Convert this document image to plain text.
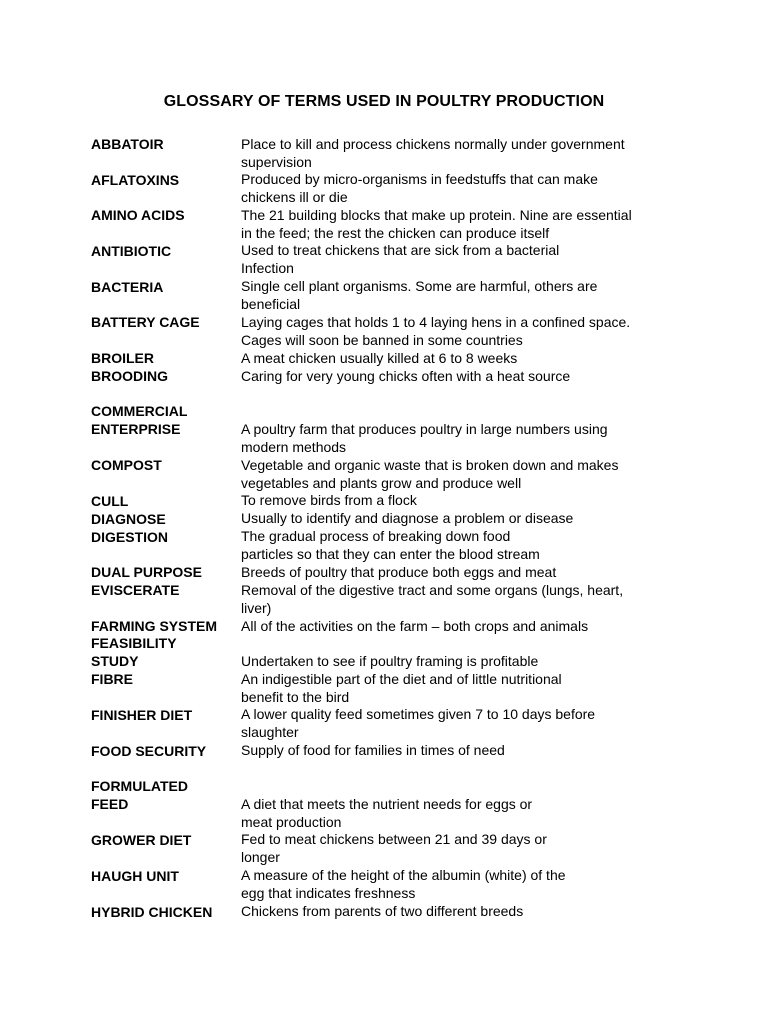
GLOSSARY OF TERMS USED IN POULTRY PRODUCTION
ABBATOIR	Place to kill and process chickens normally under government
supervision
AFLATOXINS	Produced by micro-organisms in feedstuffs that can make
chickens ill or die
AMINO ACIDS	The 21 building blocks that make up protein. Nine are essential
in the feed; the rest the chicken can produce itself
ANTIBIOTIC	Used to treat chickens that are sick from a bacterial
Infection
BACTERIA	Single cell plant organisms. Some are harmful, others are
beneficial
BATTERY CAGE	Laying cages that holds 1 to 4 laying hens in a confined space.
Cages will soon be banned in some countries
BROILER	A meat chicken usually killed at 6 to 8 weeks
BROODING	Caring for very young chicks often with a heat source
COMMERCIAL
ENTERPRISE	A poultry farm that produces poultry in large numbers using
modern methods
COMPOST	Vegetable and organic waste that is broken down and makes
vegetables and plants grow and produce well
CULL	To remove birds from a flock
DIAGNOSE	Usually to identify and diagnose a problem or disease
DIGESTION	The gradual process of breaking down food
particles so that they can enter the blood stream
DUAL PURPOSE	Breeds of poultry that produce both eggs and meat
EVISCERATE	Removal of the digestive tract and some organs (lungs, heart,
liver)
FARMING SYSTEM	All of the activities on the farm – both crops and animals
FEASIBILITY
STUDY	Undertaken to see if poultry framing is profitable
FIBRE	An indigestible part of the diet and of little nutritional
benefit to the bird
FINISHER DIET	A lower quality feed sometimes given 7 to 10 days before
slaughter
FOOD SECURITY	Supply of food for families in times of need
FORMULATED
FEED	A diet that meets the nutrient needs for eggs or
meat production
GROWER DIET	Fed to meat chickens between 21 and 39 days or
longer
HAUGH UNIT	A measure of the height of the albumin (white) of the
egg that indicates freshness
HYBRID CHICKEN	Chickens from parents of two different breeds
